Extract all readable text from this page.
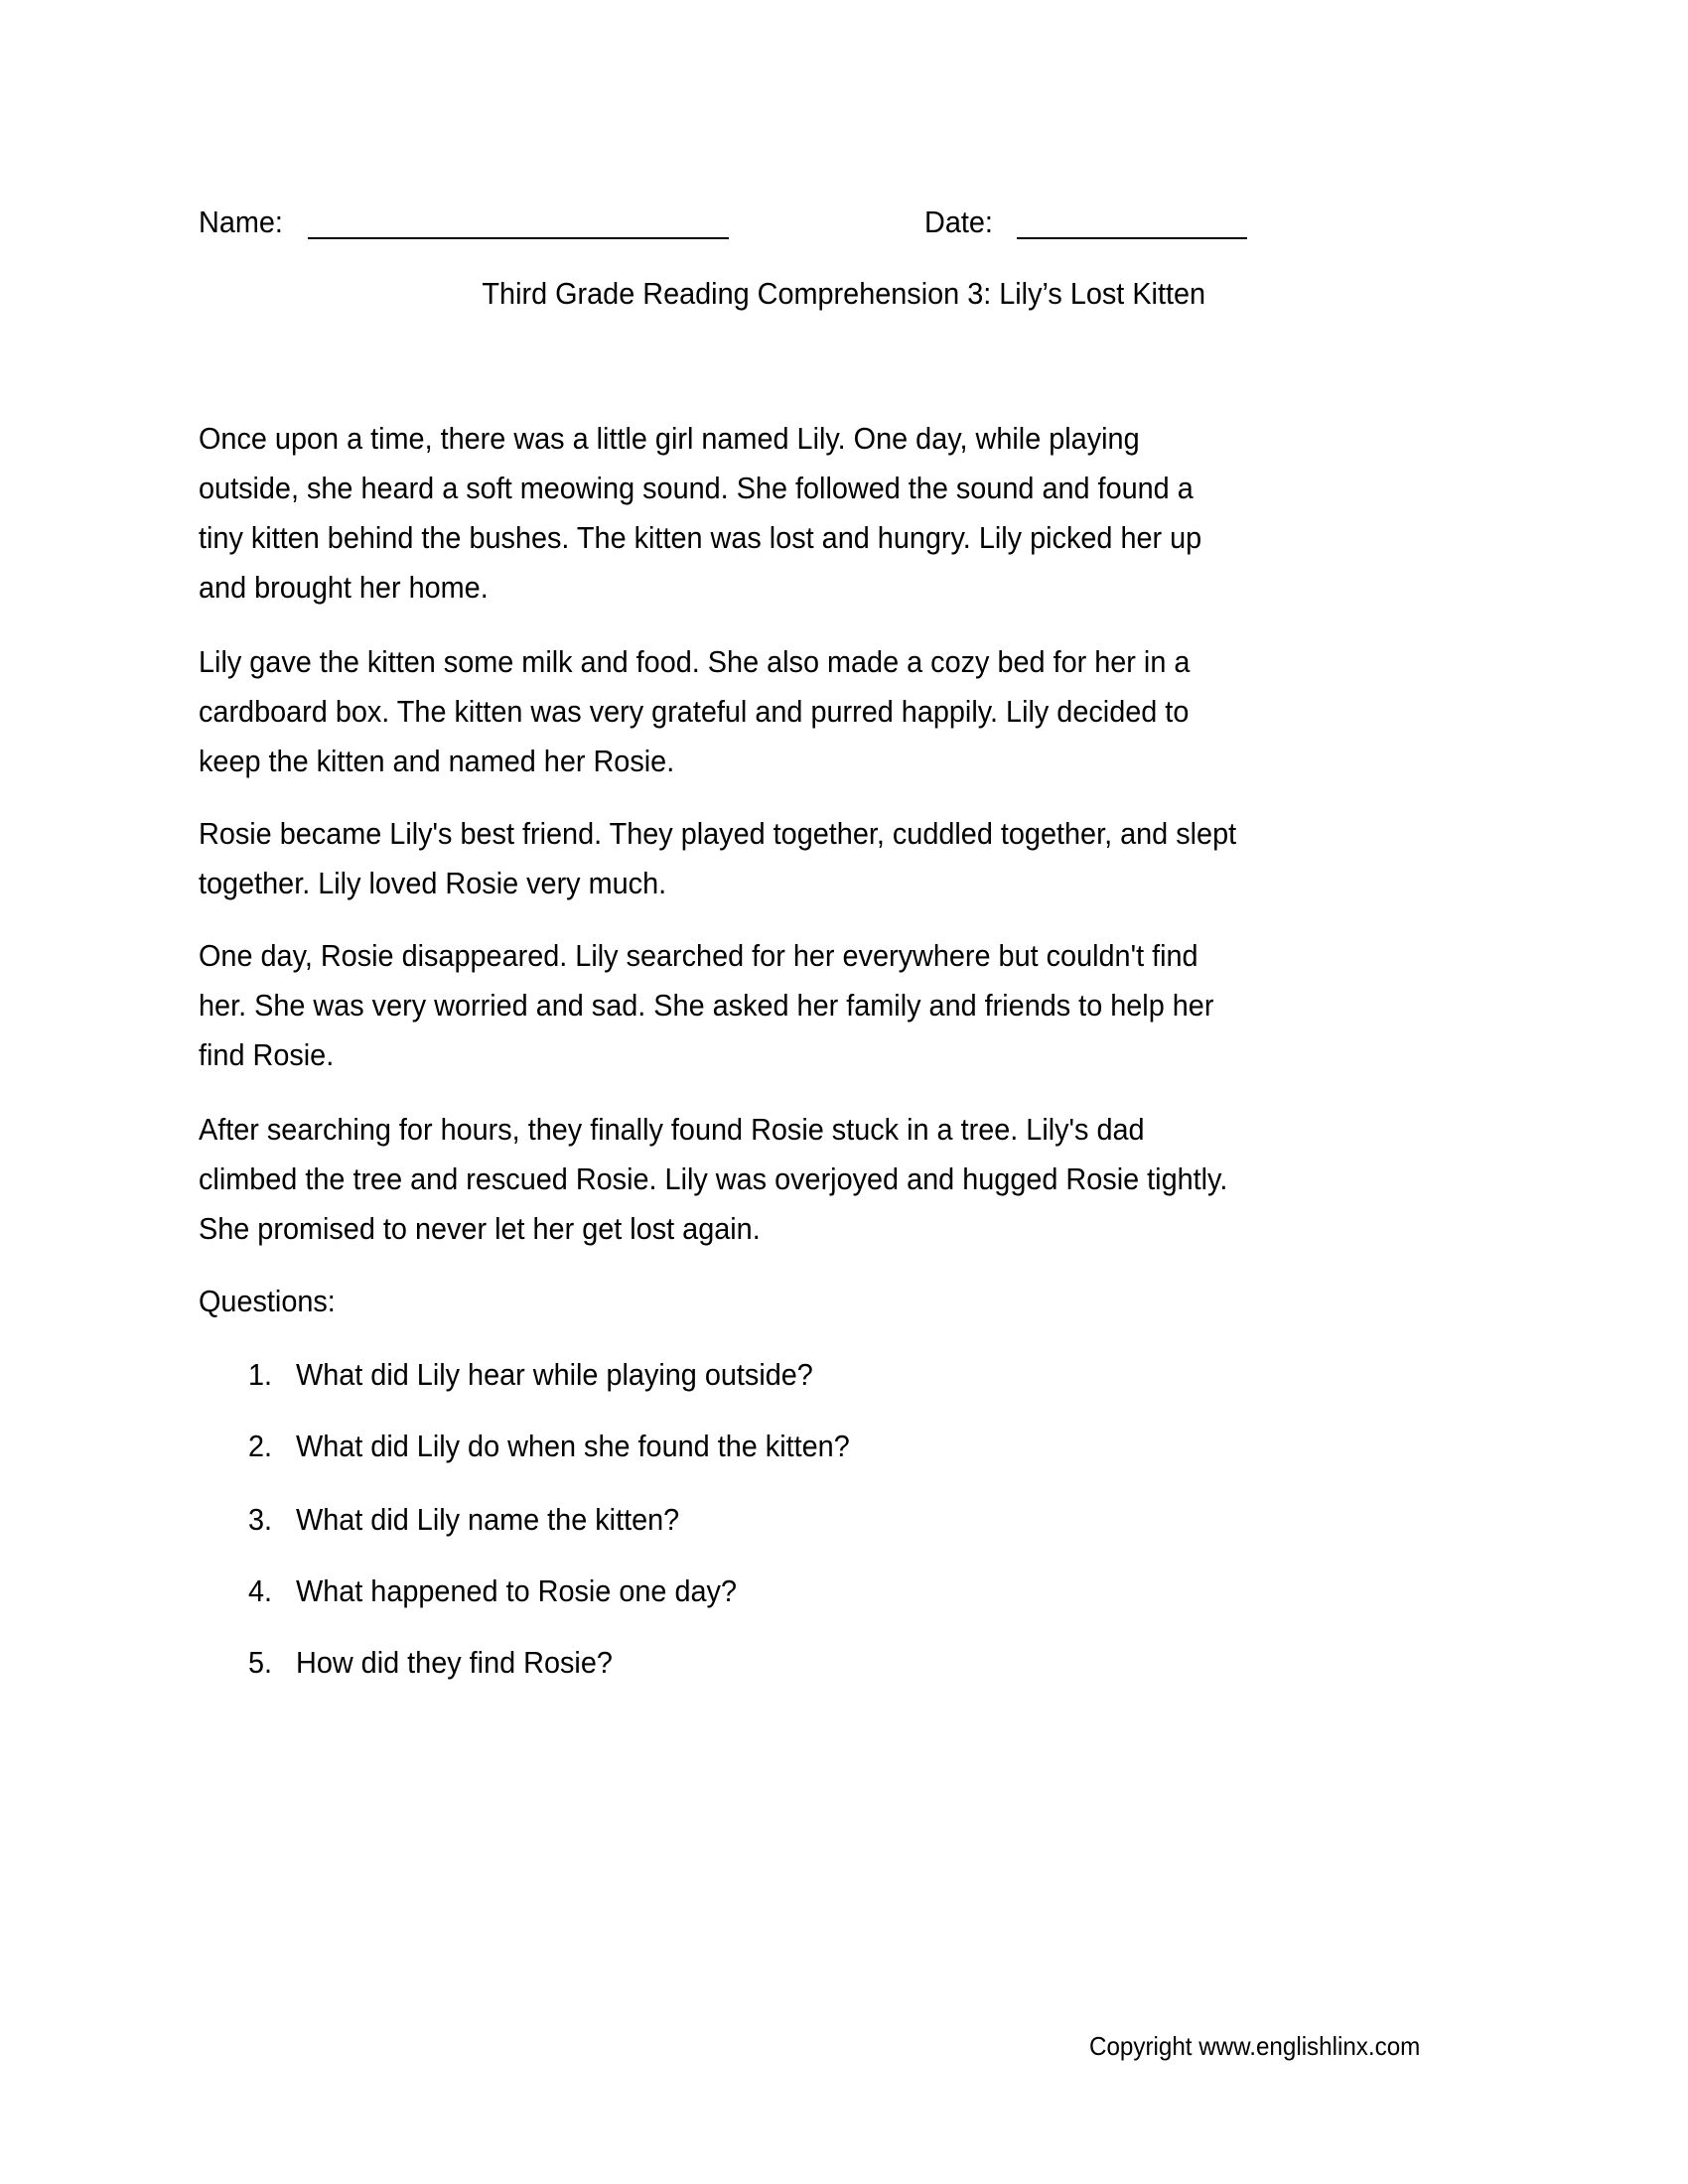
Name:	Date:
Third Grade Reading Comprehension 3: Lily’s Lost Kitten
Once upon a time, there was a little girl named Lily. One day, while playing
outside, she heard a soft meowing sound. She followed the sound and found a
tiny kitten behind the bushes. The kitten was lost and hungry. Lily picked her up
and brought her home.
Lily gave the kitten some milk and food. She also made a cozy bed for her in a
cardboard box. The kitten was very grateful and purred happily. Lily decided to
keep the kitten and named her Rosie.
Rosie became Lily's best friend. They played together, cuddled together, and slept
together. Lily loved Rosie very much.
One day, Rosie disappeared. Lily searched for her everywhere but couldn't find
her. She was very worried and sad. She asked her family and friends to help her
find Rosie.
After searching for hours, they finally found Rosie stuck in a tree. Lily's dad
climbed the tree and rescued Rosie. Lily was overjoyed and hugged Rosie tightly.
She promised to never let her get lost again.
Questions:
1. What did Lily hear while playing outside?
2. What did Lily do when she found the kitten?
3. What did Lily name the kitten?
4. What happened to Rosie one day?
5. How did they find Rosie?
Copyright www.englishlinx.com
